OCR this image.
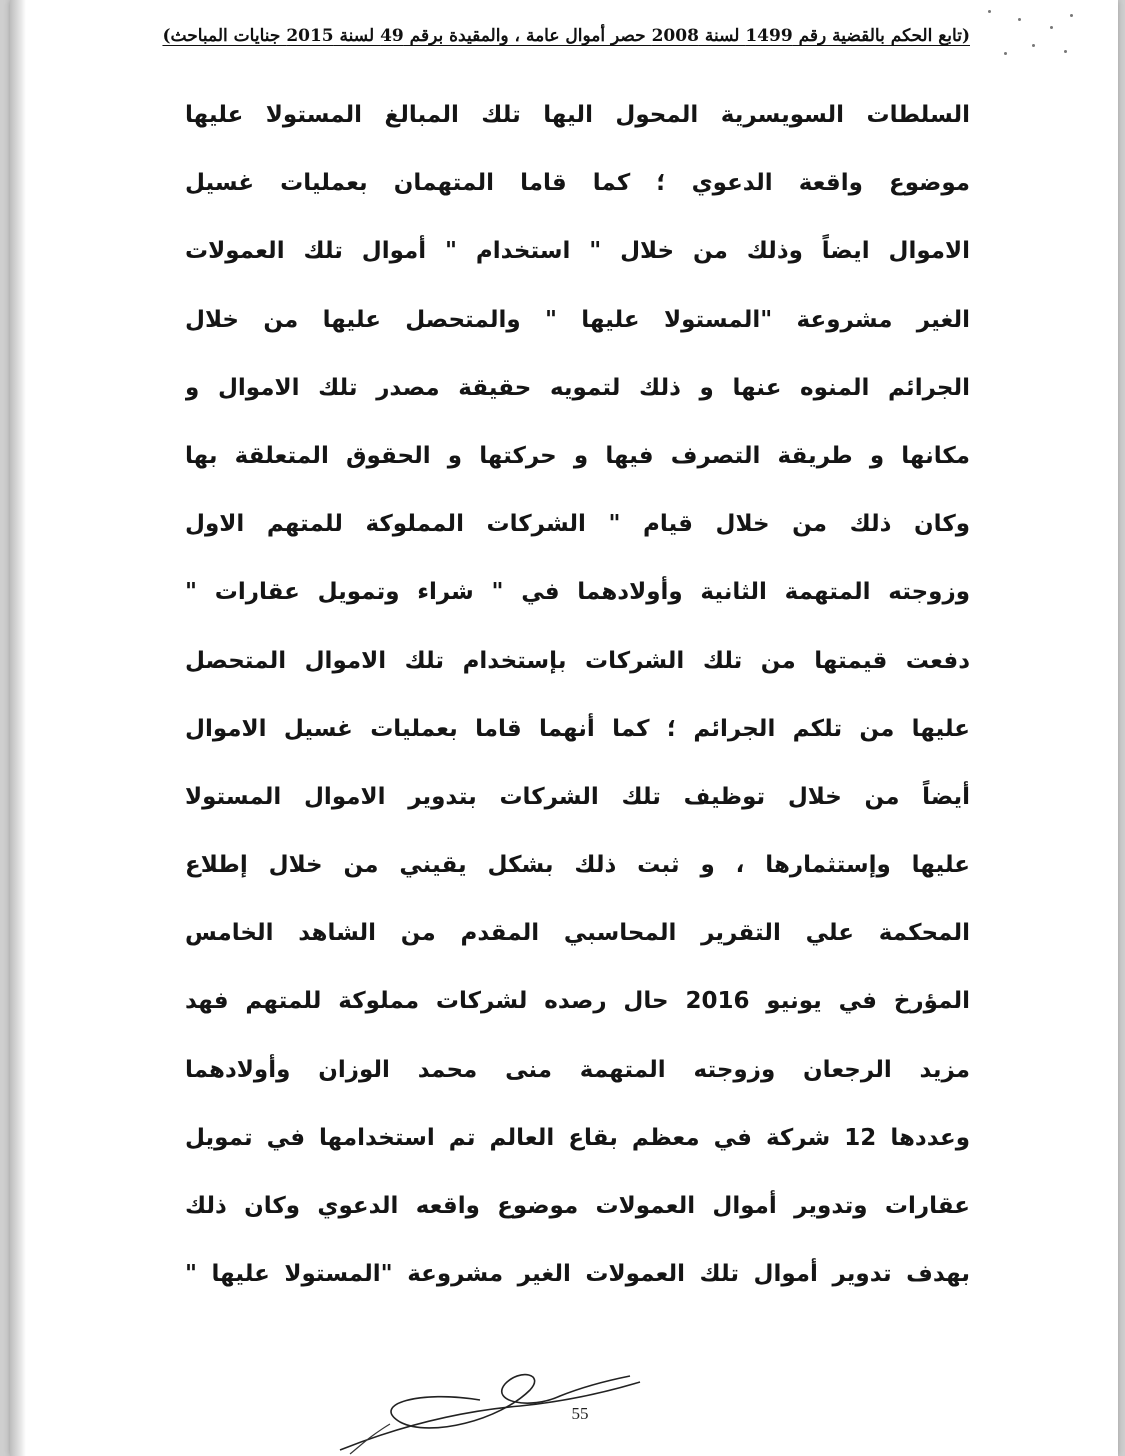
(تابع الحكم بالقضية رقم 1499 لسنة 2008 حصر أموال عامة ، والمقيدة برقم 49 لسنة 2015 جنايات المباحث)
السلطات السويسرية المحول اليها تلك المبالغ المستولا عليها
موضوع واقعة الدعوي ؛ كما قاما المتهمان بعمليات غسيل
الاموال ايضاً وذلك من خلال " استخدام " أموال تلك العمولات
الغير مشروعة "المستولا عليها " والمتحصل عليها من خلال
الجرائم المنوه عنها و ذلك لتمويه حقيقة مصدر تلك الاموال و
مكانها و طريقة التصرف فيها و حركتها و الحقوق المتعلقة بها
وكان ذلك من خلال قيام " الشركات المملوكة للمتهم الاول
وزوجته المتهمة الثانية وأولادهما في " شراء وتمويل عقارات "
دفعت قيمتها من تلك الشركات بإستخدام تلك الاموال المتحصل
عليها من تلكم الجرائم ؛ كما أنهما قاما بعمليات غسيل الاموال
أيضاً من خلال توظيف تلك الشركات بتدوير الاموال المستولا
عليها وإستثمارها ، و ثبت ذلك بشكل يقيني من خلال إطلاع
المحكمة علي التقرير المحاسبي المقدم من الشاهد الخامس
المؤرخ في يونيو 2016 حال رصده لشركات مملوكة للمتهم فهد
مزيد الرجعان وزوجته المتهمة منى محمد الوزان وأولادهما
وعددها 12 شركة في معظم بقاع العالم تم استخدامها في تمويل
عقارات وتدوير أموال العمولات موضوع واقعه الدعوي وكان ذلك
بهدف تدوير أموال تلك العمولات الغير مشروعة "المستولا عليها "
55
